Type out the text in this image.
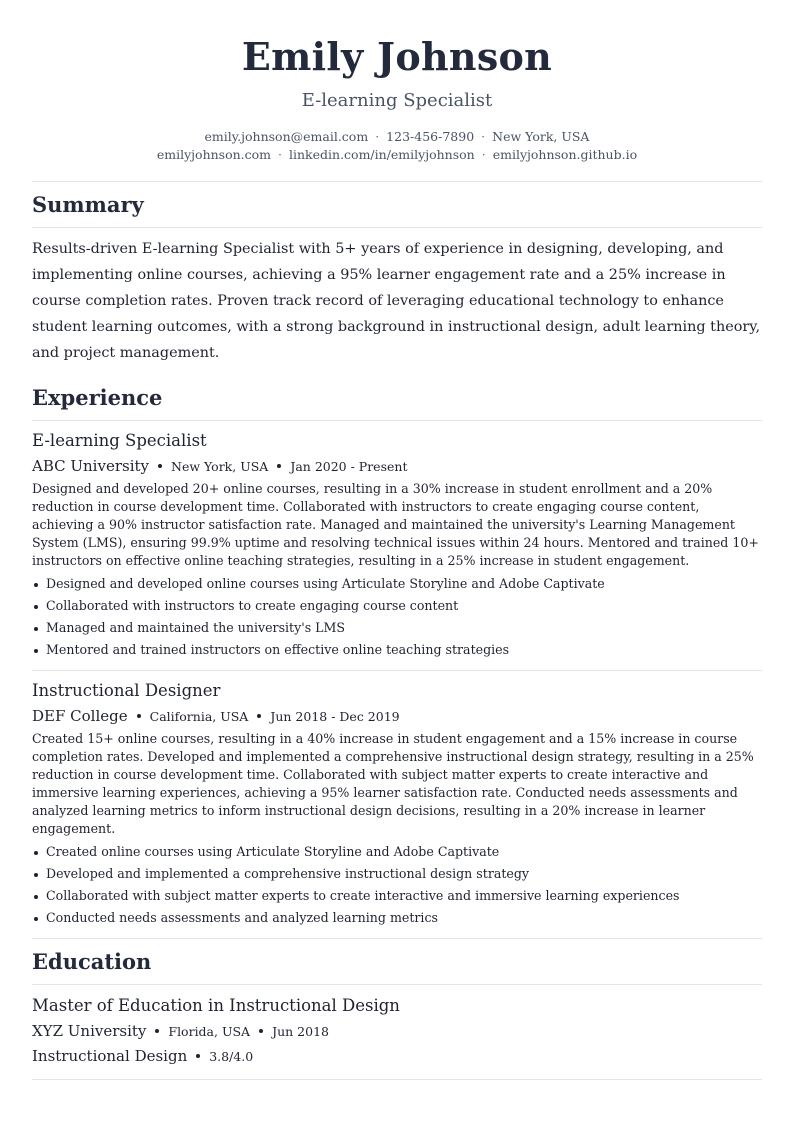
Emily Johnson
E-learning Specialist
emily.johnson@email.com · 123-456-7890 · New York, USA
emilyjohnson.com · linkedin.com/in/emilyjohnson · emilyjohnson.github.io
Summary
Results-driven E-learning Specialist with 5+ years of experience in designing, developing, and implementing online courses, achieving a 95% learner engagement rate and a 25% increase in course completion rates. Proven track record of leveraging educational technology to enhance student learning outcomes, with a strong background in instructional design, adult learning theory, and project management.
Experience
E-learning Specialist
ABC University New York, USA Jan 2020 - Present
Designed and developed 20+ online courses, resulting in a 30% increase in student enrollment and a 20% reduction in course development time. Collaborated with instructors to create engaging course content, achieving a 90% instructor satisfaction rate. Managed and maintained the university's Learning Management System (LMS), ensuring 99.9% uptime and resolving technical issues within 24 hours. Mentored and trained 10+ instructors on effective online teaching strategies, resulting in a 25% increase in student engagement.
Designed and developed online courses using Articulate Storyline and Adobe Captivate
Collaborated with instructors to create engaging course content
Managed and maintained the university's LMS
Mentored and trained instructors on effective online teaching strategies
Instructional Designer
DEF College California, USA Jun 2018 - Dec 2019
Created 15+ online courses, resulting in a 40% increase in student engagement and a 15% increase in course completion rates. Developed and implemented a comprehensive instructional design strategy, resulting in a 25% reduction in course development time. Collaborated with subject matter experts to create interactive and immersive learning experiences, achieving a 95% learner satisfaction rate. Conducted needs assessments and analyzed learning metrics to inform instructional design decisions, resulting in a 20% increase in learner engagement.
Created online courses using Articulate Storyline and Adobe Captivate
Developed and implemented a comprehensive instructional design strategy
Collaborated with subject matter experts to create interactive and immersive learning experiences
Conducted needs assessments and analyzed learning metrics
Education
Master of Education in Instructional Design
XYZ University Florida, USA Jun 2018
Instructional Design 3.8/4.0
